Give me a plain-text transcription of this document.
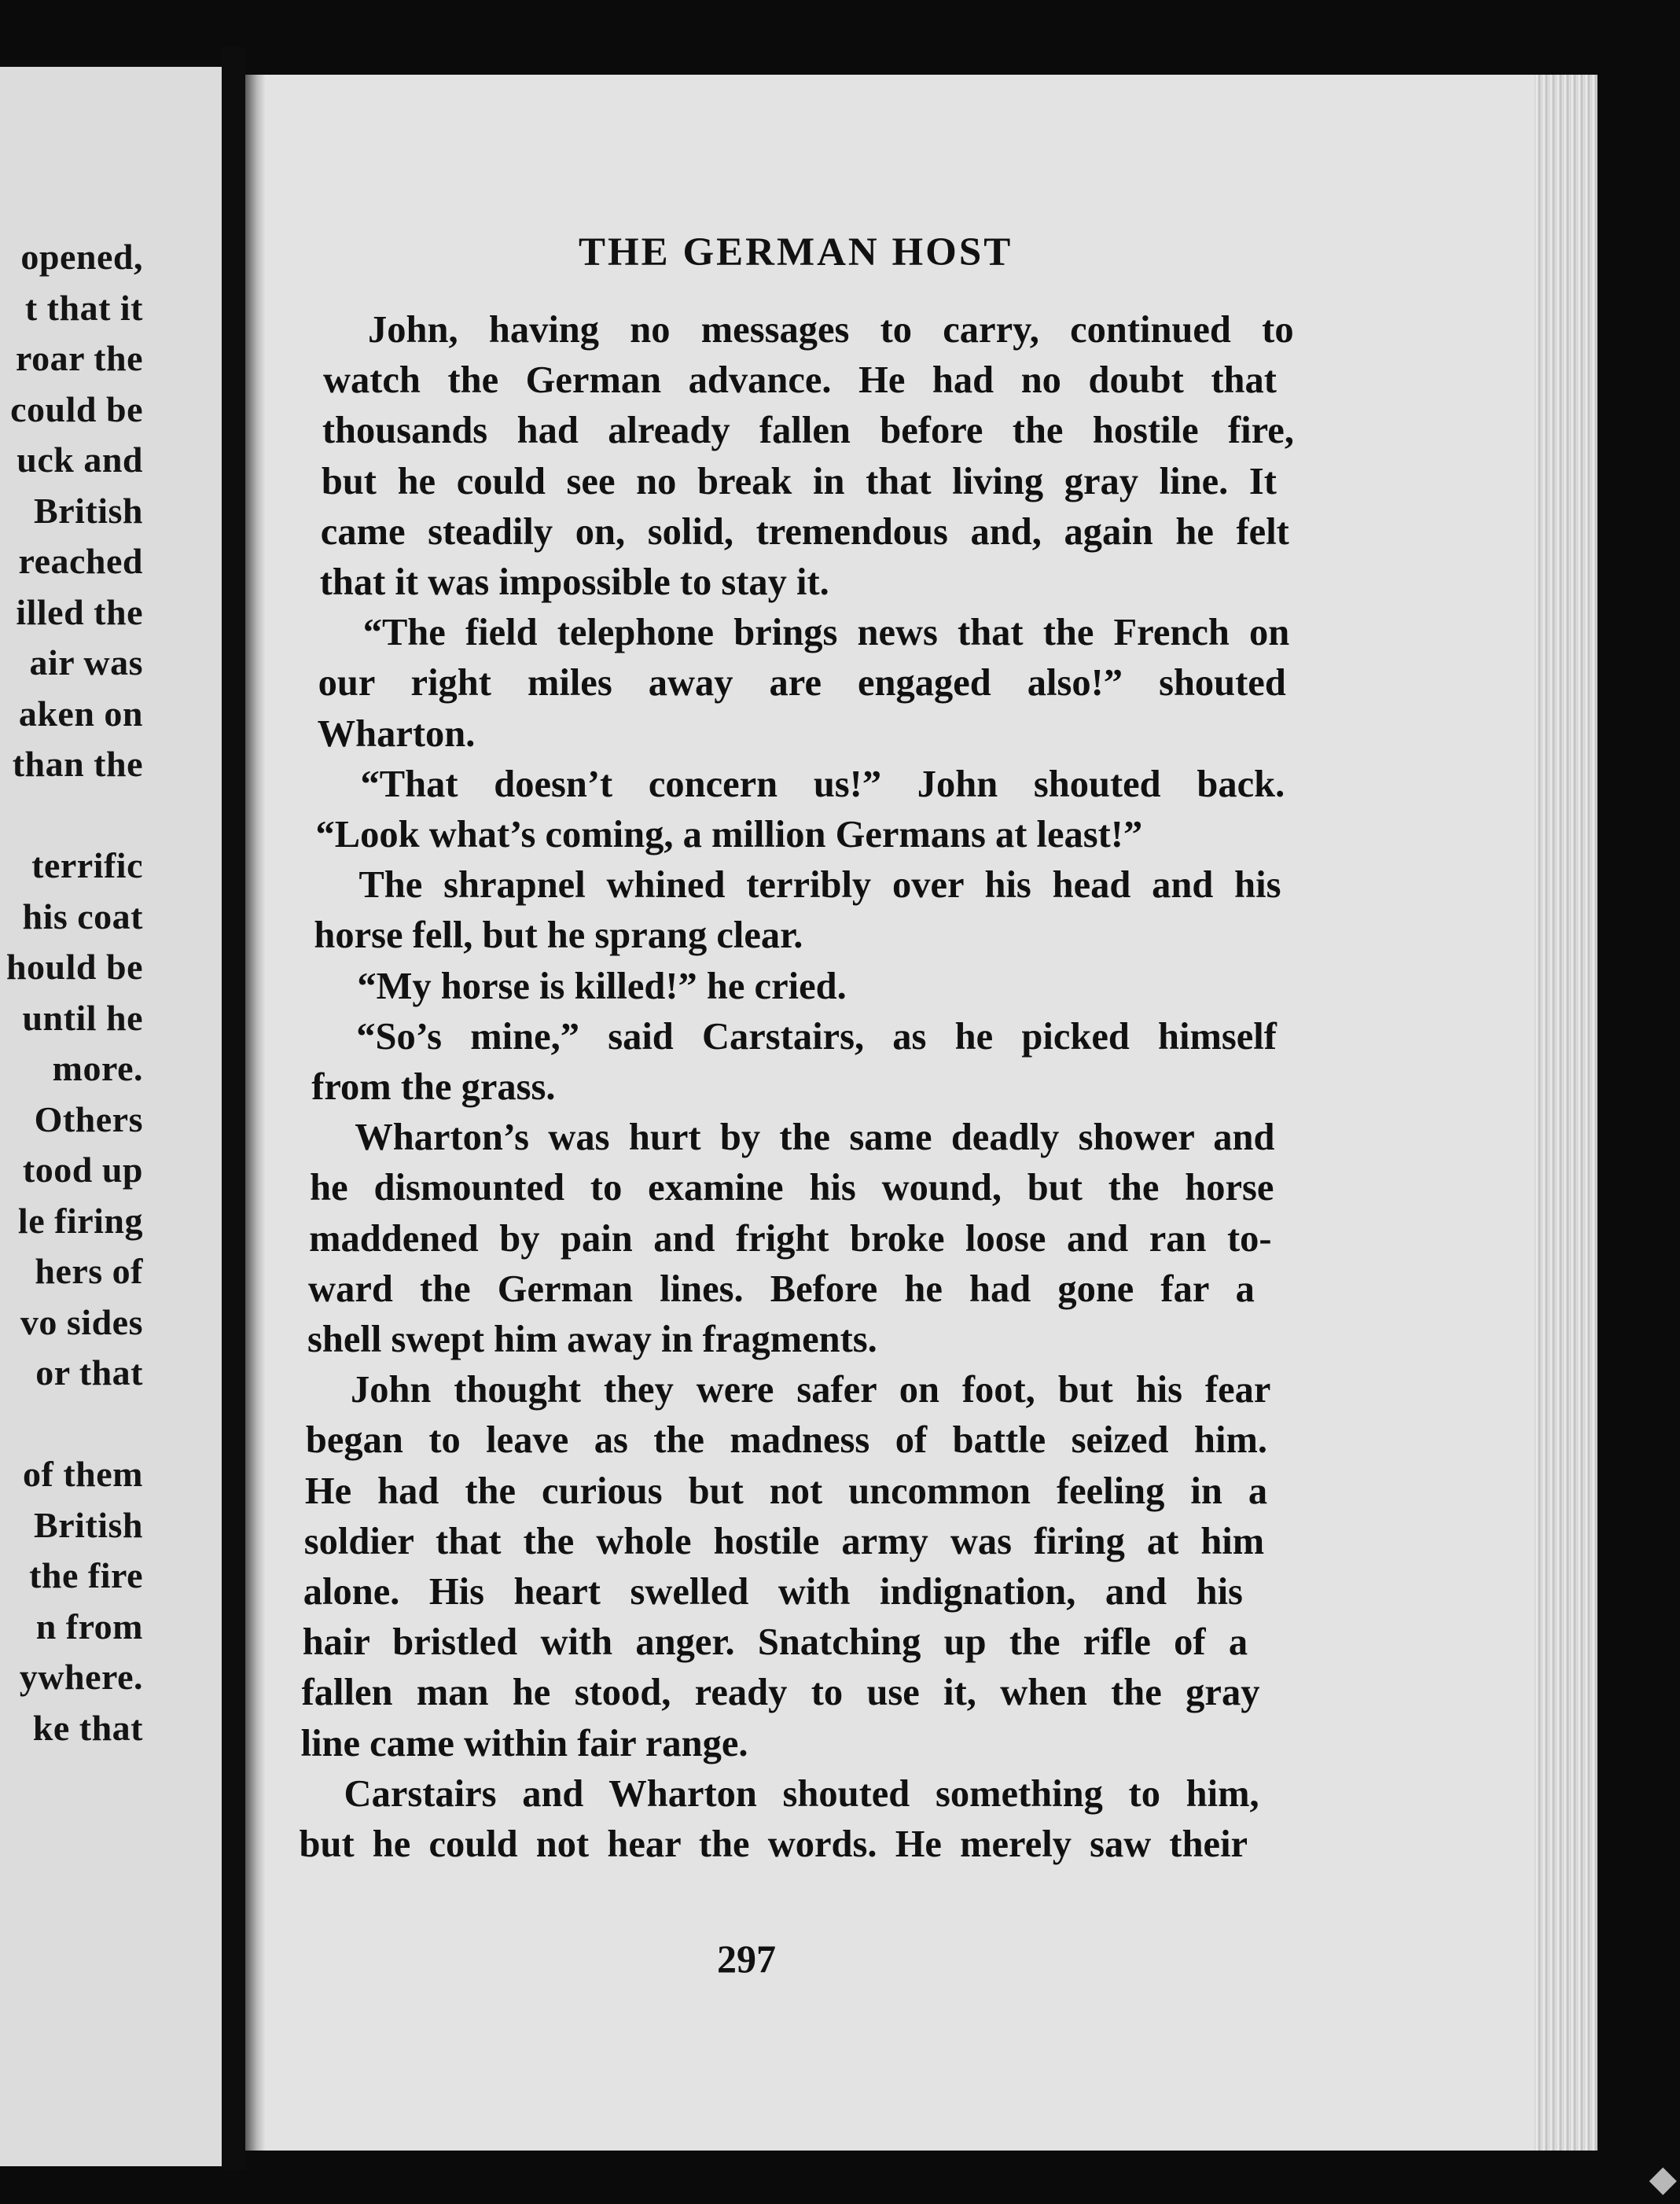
opened,
t that it
roar the
could be
uck and
British
reached
illed the
air was
aken on
than the
terrific
his coat
hould be
until he
more.
Others
tood up
le firing
hers of
vo sides
or that
of them
British
the fire
n from
ywhere.
ke that
◆
THE GERMAN HOST
John, having no messages to carry, continued to
watch the German advance. He had no doubt that
thousands had already fallen before the hostile fire,
but he could see no break in that living gray line. It
came steadily on, solid, tremendous and, again he felt
that it was impossible to stay it.
“The field telephone brings news that the French on
our right miles away are engaged also!” shouted
Wharton.
“That doesn’t concern us!” John shouted back.
“Look what’s coming, a million Germans at least!”
The shrapnel whined terribly over his head and his
horse fell, but he sprang clear.
“My horse is killed!” he cried.
“So’s mine,” said Carstairs, as he picked himself
from the grass.
Wharton’s was hurt by the same deadly shower and
he dismounted to examine his wound, but the horse
maddened by pain and fright broke loose and ran to-
ward the German lines. Before he had gone far a
shell swept him away in fragments.
John thought they were safer on foot, but his fear
began to leave as the madness of battle seized him.
He had the curious but not uncommon feeling in a
soldier that the whole hostile army was firing at him
alone. His heart swelled with indignation, and his
hair bristled with anger. Snatching up the rifle of a
fallen man he stood, ready to use it, when the gray
line came within fair range.
Carstairs and Wharton shouted something to him,
but he could not hear the words. He merely saw their
297
